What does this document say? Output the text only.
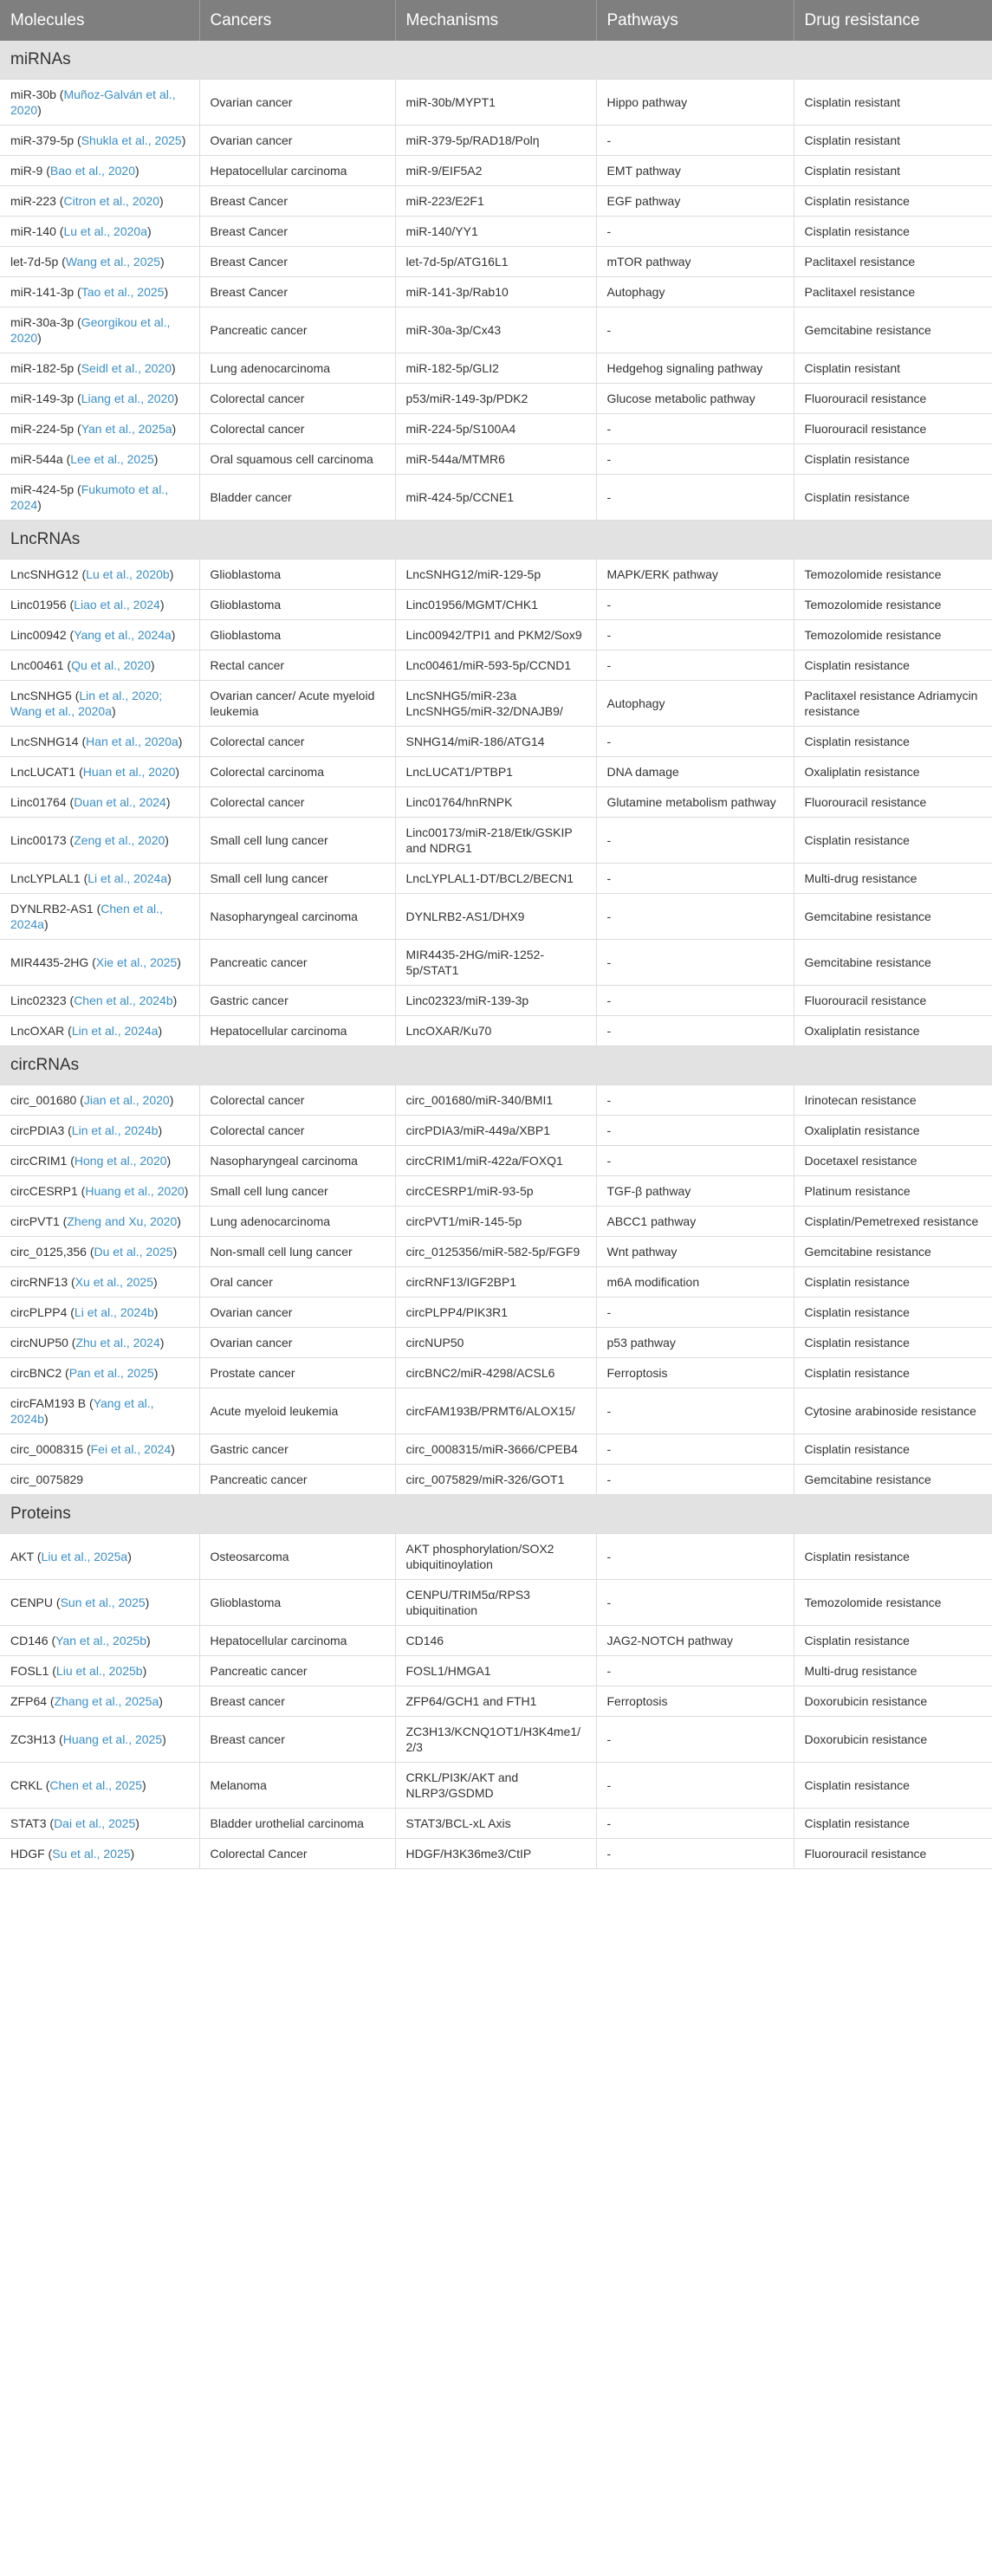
Molecules	Cancers	Mechanisms	Pathways	Drug resistance
miRNAs				
miR-30b (Muñoz-Galván et al., 2020)	Ovarian cancer	miR-30b/MYPT1	Hippo pathway	Cisplatin resistant
miR-379-5p (Shukla et al., 2025)	Ovarian cancer	miR-379-5p/RAD18/Polη	-	Cisplatin resistant
miR-9 (Bao et al., 2020)	Hepatocellular carcinoma	miR-9/EIF5A2	EMT pathway	Cisplatin resistant
miR-223 (Citron et al., 2020)	Breast Cancer	miR-223/E2F1	EGF pathway	Cisplatin resistance
miR-140 (Lu et al., 2020a)	Breast Cancer	miR-140/YY1	-	Cisplatin resistance
let-7d-5p (Wang et al., 2025)	Breast Cancer	let-7d-5p/ATG16L1	mTOR pathway	Paclitaxel resistance
miR-141-3p (Tao et al., 2025)	Breast Cancer	miR-141-3p/Rab10	Autophagy	Paclitaxel resistance
miR-30a-3p (Georgikou et al., 2020)	Pancreatic cancer	miR-30a-3p/Cx43	-	Gemcitabine resistance
miR-182-5p (Seidl et al., 2020)	Lung adenocarcinoma	miR-182-5p/GLI2	Hedgehog signaling pathway	Cisplatin resistant
miR-149-3p (Liang et al., 2020)	Colorectal cancer	p53/miR-149-3p/PDK2	Glucose metabolic pathway	Fluorouracil resistance
miR-224-5p (Yan et al., 2025a)	Colorectal cancer	miR-224-5p/S100A4	-	Fluorouracil resistance
miR-544a (Lee et al., 2025)	Oral squamous cell carcinoma	miR-544a/MTMR6	-	Cisplatin resistance
miR-424-5p (Fukumoto et al., 2024)	Bladder cancer	miR-424-5p/CCNE1	-	Cisplatin resistance
LncRNAs				
LncSNHG12 (Lu et al., 2020b)	Glioblastoma	LncSNHG12/miR-129-5p	MAPK/ERK pathway	Temozolomide resistance
Linc01956 (Liao et al., 2024)	Glioblastoma	Linc01956/MGMT/CHK1	-	Temozolomide resistance
Linc00942 (Yang et al., 2024a)	Glioblastoma	Linc00942/TPI1 and PKM2/Sox9	-	Temozolomide resistance
Lnc00461 (Qu et al., 2020)	Rectal cancer	Lnc00461/miR-593-5p/CCND1	-	Cisplatin resistance
LncSNHG5 (Lin et al., 2020; Wang et al., 2020a)	Ovarian cancer/ Acute myeloid leukemia	LncSNHG5/miR-23a LncSNHG5/miR-32/DNAJB9/	Autophagy	Paclitaxel resistance Adriamycin resistance
LncSNHG14 (Han et al., 2020a)	Colorectal cancer	SNHG14/miR-186/ATG14	-	Cisplatin resistance
LncLUCAT1 (Huan et al., 2020)	Colorectal carcinoma	LncLUCAT1/PTBP1	DNA damage	Oxaliplatin resistance
Linc01764 (Duan et al., 2024)	Colorectal cancer	Linc01764/hnRNPK	Glutamine metabolism pathway	Fluorouracil resistance
Linc00173 (Zeng et al., 2020)	Small cell lung cancer	Linc00173/miR-218/Etk/GSKIP and NDRG1	-	Cisplatin resistance
LncLYPLAL1 (Li et al., 2024a)	Small cell lung cancer	LncLYPLAL1-DT/BCL2/BECN1	-	Multi-drug resistance
DYNLRB2-AS1 (Chen et al., 2024a)	Nasopharyngeal carcinoma	DYNLRB2-AS1/DHX9	-	Gemcitabine resistance
MIR4435-2HG (Xie et al., 2025)	Pancreatic cancer	MIR4435-2HG/miR-1252-5p/STAT1	-	Gemcitabine resistance
Linc02323 (Chen et al., 2024b)	Gastric cancer	Linc02323/miR-139-3p	-	Fluorouracil resistance
LncOXAR (Lin et al., 2024a)	Hepatocellular carcinoma	LncOXAR/Ku70	-	Oxaliplatin resistance
circRNAs				
circ_001680 (Jian et al., 2020)	Colorectal cancer	circ_001680/miR-340/BMI1	-	Irinotecan resistance
circPDIA3 (Lin et al., 2024b)	Colorectal cancer	circPDIA3/miR-449a/XBP1	-	Oxaliplatin resistance
circCRIM1 (Hong et al., 2020)	Nasopharyngeal carcinoma	circCRIM1/miR-422a/FOXQ1	-	Docetaxel resistance
circCESRP1 (Huang et al., 2020)	Small cell lung cancer	circCESRP1/miR-93-5p	TGF-β pathway	Platinum resistance
circPVT1 (Zheng and Xu, 2020)	Lung adenocarcinoma	circPVT1/miR-145-5p	ABCC1 pathway	Cisplatin/Pemetrexed resistance
circ_0125,356 (Du et al., 2025)	Non-small cell lung cancer	circ_0125356/miR-582-5p/FGF9	Wnt pathway	Gemcitabine resistance
circRNF13 (Xu et al., 2025)	Oral cancer	circRNF13/IGF2BP1	m6A modification	Cisplatin resistance
circPLPP4 (Li et al., 2024b)	Ovarian cancer	circPLPP4/PIK3R1	-	Cisplatin resistance
circNUP50 (Zhu et al., 2024)	Ovarian cancer	circNUP50	p53 pathway	Cisplatin resistance
circBNC2 (Pan et al., 2025)	Prostate cancer	circBNC2/miR-4298/ACSL6	Ferroptosis	Cisplatin resistance
circFAM193 B (Yang et al., 2024b)	Acute myeloid leukemia	circFAM193B/PRMT6/ALOX15/	-	Cytosine arabinoside resistance
circ_0008315 (Fei et al., 2024)	Gastric cancer	circ_0008315/miR-3666/CPEB4	-	Cisplatin resistance
circ_0075829	Pancreatic cancer	circ_0075829/miR-326/GOT1	-	Gemcitabine resistance
Proteins				
AKT (Liu et al., 2025a)	Osteosarcoma	AKT phosphorylation/SOX2 ubiquitinoylation	-	Cisplatin resistance
CENPU (Sun et al., 2025)	Glioblastoma	CENPU/TRIM5α/RPS3 ubiquitination	-	Temozolomide resistance
CD146 (Yan et al., 2025b)	Hepatocellular carcinoma	CD146	JAG2-NOTCH pathway	Cisplatin resistance
FOSL1 (Liu et al., 2025b)	Pancreatic cancer	FOSL1/HMGA1	-	Multi-drug resistance
ZFP64 (Zhang et al., 2025a)	Breast cancer	ZFP64/GCH1 and FTH1	Ferroptosis	Doxorubicin resistance
ZC3H13 (Huang et al., 2025)	Breast cancer	ZC3H13/KCNQ1OT1/H3K4me1/2/3	-	Doxorubicin resistance
CRKL (Chen et al., 2025)	Melanoma	CRKL/PI3K/AKT and NLRP3/GSDMD	-	Cisplatin resistance
STAT3 (Dai et al., 2025)	Bladder urothelial carcinoma	STAT3/BCL-xL Axis	-	Cisplatin resistance
HDGF (Su et al., 2025)	Colorectal Cancer	HDGF/H3K36me3/CtIP	-	Fluorouracil resistance
